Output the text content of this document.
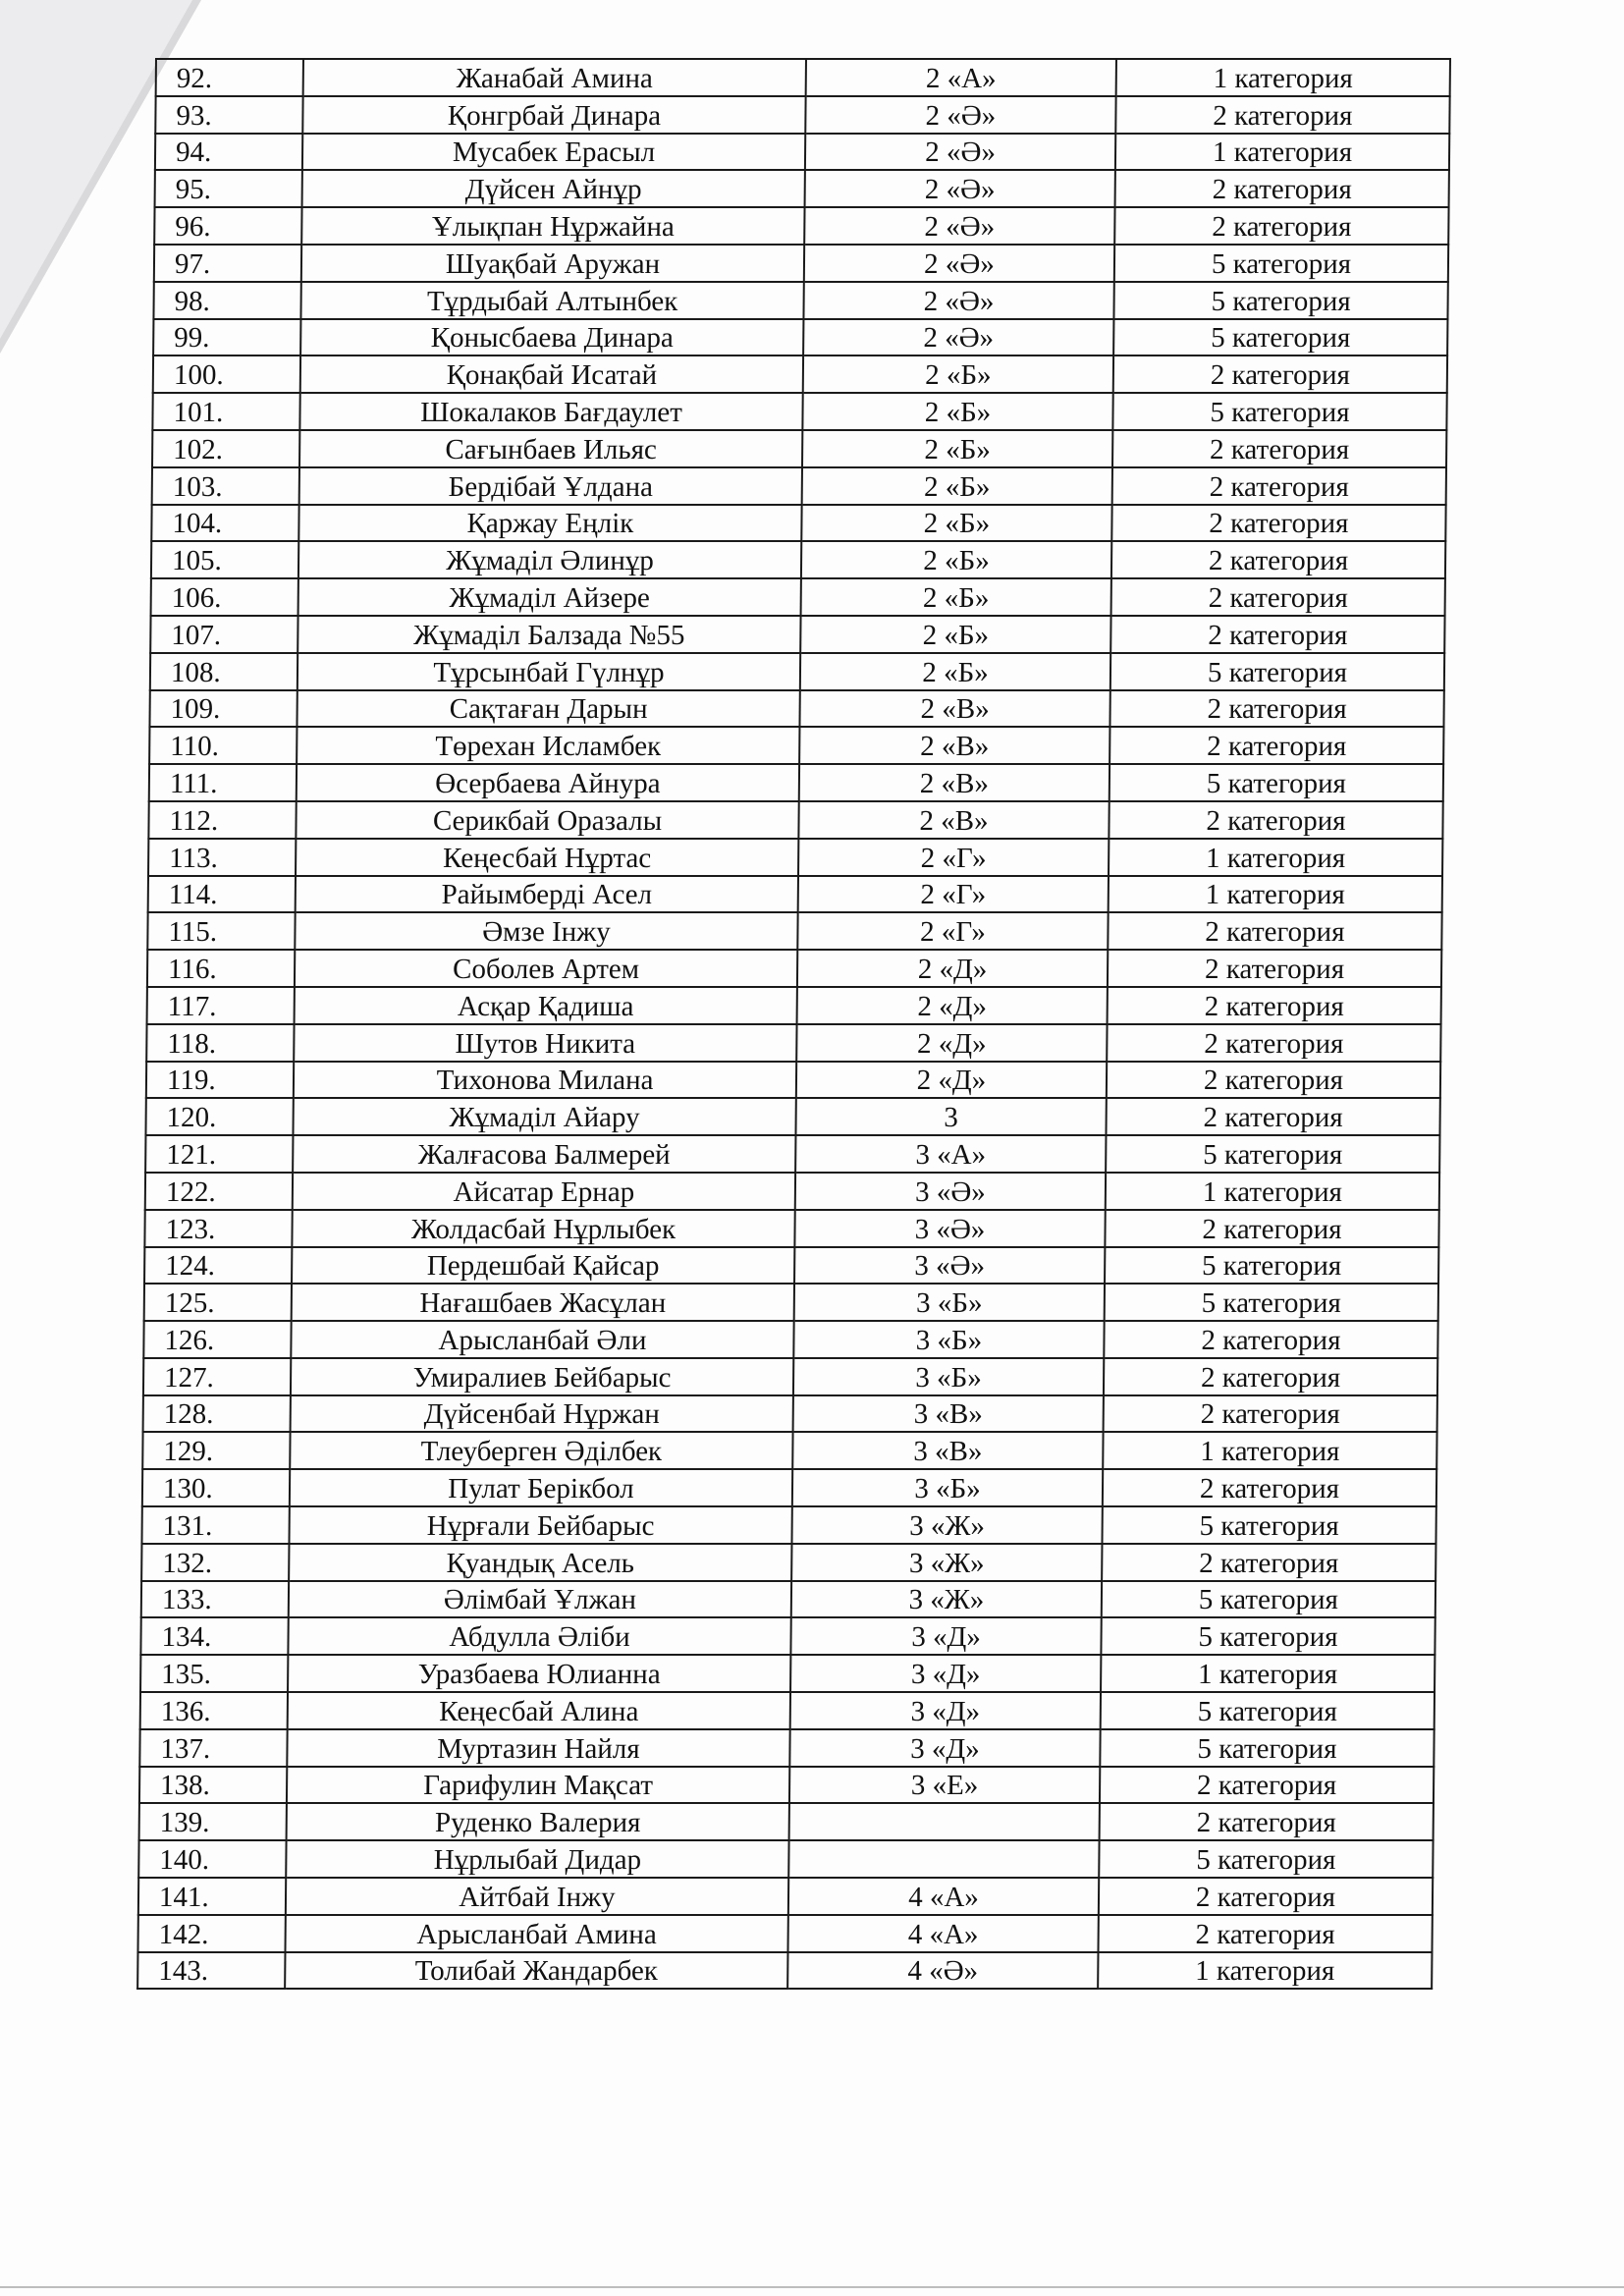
92.	Жанабай Амина	2 «А»	1 категория
93.	Қонгрбай Динара	2 «Ә»	2 категория
94.	Мусабек Ерасыл	2 «Ә»	1 категория
95.	Дүйсен Айнұр	2 «Ә»	2 категория
96.	Ұлықпан Нұржайна	2 «Ә»	2 категория
97.	Шуақбай Аружан	2 «Ә»	5 категория
98.	Тұрдыбай Алтынбек	2 «Ә»	5 категория
99.	Қонысбаева Динара	2 «Ә»	5 категория
100.	Қонақбай Исатай	2 «Б»	2 категория
101.	Шокалаков Бағдаулет	2 «Б»	5 категория
102.	Сағынбаев Ильяс	2 «Б»	2 категория
103.	Бердібай Ұлдана	2 «Б»	2 категория
104.	Қаржау Еңлік	2 «Б»	2 категория
105.	Жұмаділ Әлинұр	2 «Б»	2 категория
106.	Жұмаділ Айзере	2 «Б»	2 категория
107.	Жұмаділ Балзада №55	2 «Б»	2 категория
108.	Тұрсынбай Гүлнұр	2 «Б»	5 категория
109.	Сақтаған Дарын	2 «В»	2 категория
110.	Төрехан Исламбек	2 «В»	2 категория
111.	Өсербаева Айнура	2 «В»	5 категория
112.	Серикбай Оразалы	2 «В»	2 категория
113.	Кеңесбай Нұртас	2 «Г»	1 категория
114.	Райымберді Асел	2 «Г»	1 категория
115.	Әмзе Інжу	2 «Г»	2 категория
116.	Соболев Артем	2 «Д»	2 категория
117.	Асқар Қадиша	2 «Д»	2 категория
118.	Шутов Никита	2 «Д»	2 категория
119.	Тихонова Милана	2 «Д»	2 категория
120.	Жұмаділ Айару	3	2 категория
121.	Жалғасова Балмерей	3 «А»	5 категория
122.	Айсатар Ернар	3 «Ә»	1 категория
123.	Жолдасбай Нұрлыбек	3 «Ә»	2 категория
124.	Пердешбай Қайсар	3 «Ә»	5 категория
125.	Нағашбаев Жасұлан	3 «Б»	5 категория
126.	Арысланбай Әли	3 «Б»	2 категория
127.	Умиралиев Бейбарыс	3 «Б»	2 категория
128.	Дүйсенбай Нұржан	3 «В»	2 категория
129.	Тлеуберген Әділбек	3 «В»	1 категория
130.	Пулат Берікбол	3 «Б»	2 категория
131.	Нұрғали Бейбарыс	3 «Ж»	5 категория
132.	Қуандық Асель	3 «Ж»	2 категория
133.	Әлімбай Ұлжан	3 «Ж»	5 категория
134.	Абдулла Әліби	3 «Д»	5 категория
135.	Уразбаева Юлианна	3 «Д»	1 категория
136.	Кеңесбай Алина	3 «Д»	5 категория
137.	Муртазин Найля	3 «Д»	5 категория
138.	Гарифулин Мақсат	3 «Е»	2 категория
139.	Руденко Валерия		2 категория
140.	Нұрлыбай Дидар		5 категория
141.	Айтбай Інжу	4 «А»	2 категория
142.	Арысланбай Амина	4 «А»	2 категория
143.	Толибай Жандарбек	4 «Ә»	1 категория
